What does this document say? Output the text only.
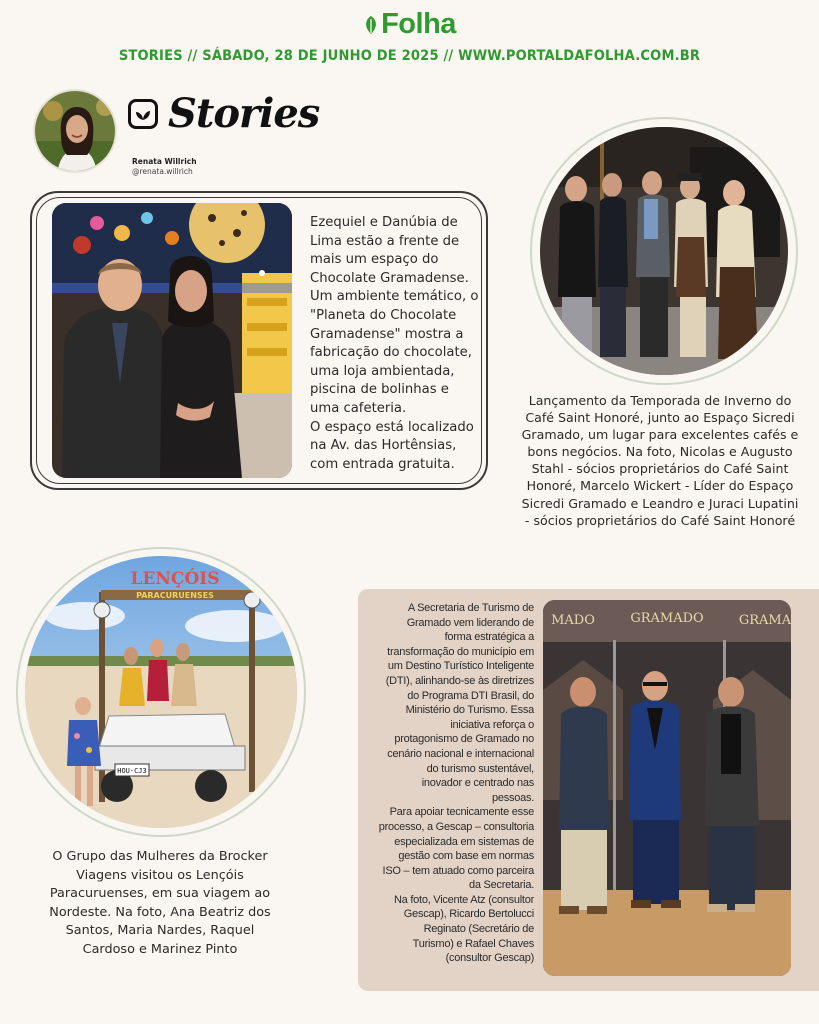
Folha
STORIES // SÁBADO, 28 DE JUNHO DE 2025 // WWW.PORTALDAFOLHA.COM.BR
Stories
Renata Willrich
@renata.willrich

Ezequiel e Danúbia de

Lima estão a frente de

mais um espaço do

Chocolate Gramadense.

Um ambiente temático, o

"Planeta do Chocolate

Gramadense" mostra a

fabricação do chocolate,

uma loja ambientada,

piscina de bolinhas e

uma cafeteria.

O espaço está localizado

na Av. das Hortênsias,

com entrada gratuita.

Lançamento da Temporada de Inverno do
Café Saint Honoré, junto ao Espaço Sicredi
Gramado, um lugar para excelentes cafés e
bons negócios. Na foto, Nicolas e Augusto
Stahl - sócios proprietários do Café Saint
Honoré, Marcelo Wickert - Líder do Espaço
Sicredi Gramado e Leandro e Juraci Lupatini
- sócios proprietários do Café Saint Honoré
LENÇÓIS
PARACURUENSES
HOU-CJ3
O Grupo das Mulheres da Brocker
Viagens visitou os Lençóis
Paracuruenses, em sua viagem ao
Nordeste. Na foto, Ana Beatriz dos
Santos, Maria Nardes, Raquel
Cardoso e Marinez Pinto

A Secretaria de Turismo de

Gramado vem liderando de

forma estratégica a

transformação do município em

um Destino Turístico Inteligente

(DTI), alinhando-se às diretrizes

do Programa DTI Brasil, do

Ministério do Turismo. Essa

iniciativa reforça o

protagonismo de Gramado no

cenário nacional e internacional

do turismo sustentável,

inovador e centrado nas

pessoas.

Para apoiar tecnicamente esse

processo, a Gescap – consultoria

especializada em sistemas de

gestão com base em normas

ISO – tem atuado como parceira

da Secretaria.

Na foto, Vicente Atz (consultor

Gescap), Ricardo Bertolucci

Reginato (Secretário de

Turismo) e Rafael Chaves

(consultor Gescap)

MADO	GRAMADO	GRAMA
